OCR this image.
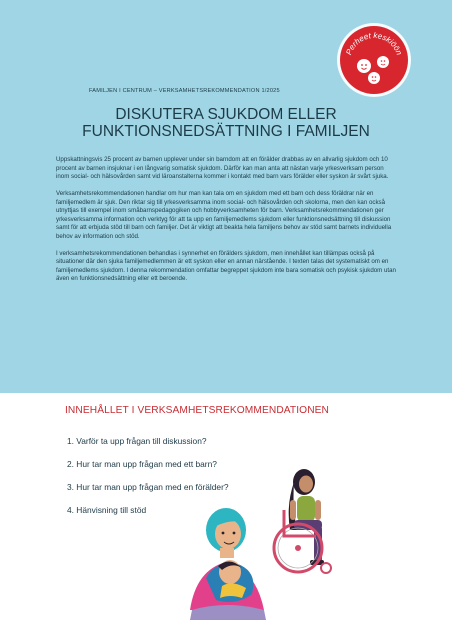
Perheet keskiöön
FAMILJEN I CENTRUM – VERKSAMHETSREKOMMENDATION 1/2025
DISKUTERA SJUKDOM ELLER
FUNKTIONSNEDSÄTTNING I FAMILJEN

Uppskattningsvis 25 procent av barnen upplever under sin barndom att en förälder drabbas av en allvarlig sjukdom och 10 procent av barnen insjuknar i en långvarig somatisk sjukdom. Därför kan man anta att nästan varje yrkesverksam person inom social- och hälsovården samt vid läroanstalterna kommer i kontakt med barn vars förälder eller syskon är svårt sjuka.

Verksamhetsrekommendationen handlar om hur man kan tala om en sjukdom med ett barn och dess föräldrar när en familjemedlem är sjuk. Den riktar sig till yrkesverksamma inom social- och hälsovården och skolorna, men den kan också utnyttjas till exempel inom småbarnspedagogiken och hobbyverksamheten för barn. Verksamhetsrekommendationen ger yrkesverksamma information och verktyg för att ta upp en familjemedlems sjukdom eller funktionsnedsättning till diskussion samt för att erbjuda stöd till barn och familjer. Det är viktigt att beakta hela familjens behov av stöd samt barnets individuella behov av information och stöd.

I verksamhetsrekommendationen behandlas i synnerhet en förälders sjukdom, men innehållet kan tillämpas också på situationer där den sjuka familjemedlemmen är ett syskon eller en annan närstående. I texten talas det systematiskt om en familjemedlems sjukdom. I denna rekommendation omfattar begreppet sjukdom inte bara somatisk och psykisk sjukdom utan även en funktionsnedsättning eller ett beroende.

INNEHÅLLET I VERKSAMHETSREKOMMENDATIONEN
1. Varför ta upp frågan till diskussion?
2. Hur tar man upp frågan med ett barn?
3. Hur tar man upp frågan med en förälder?
4. Hänvisning till stöd
